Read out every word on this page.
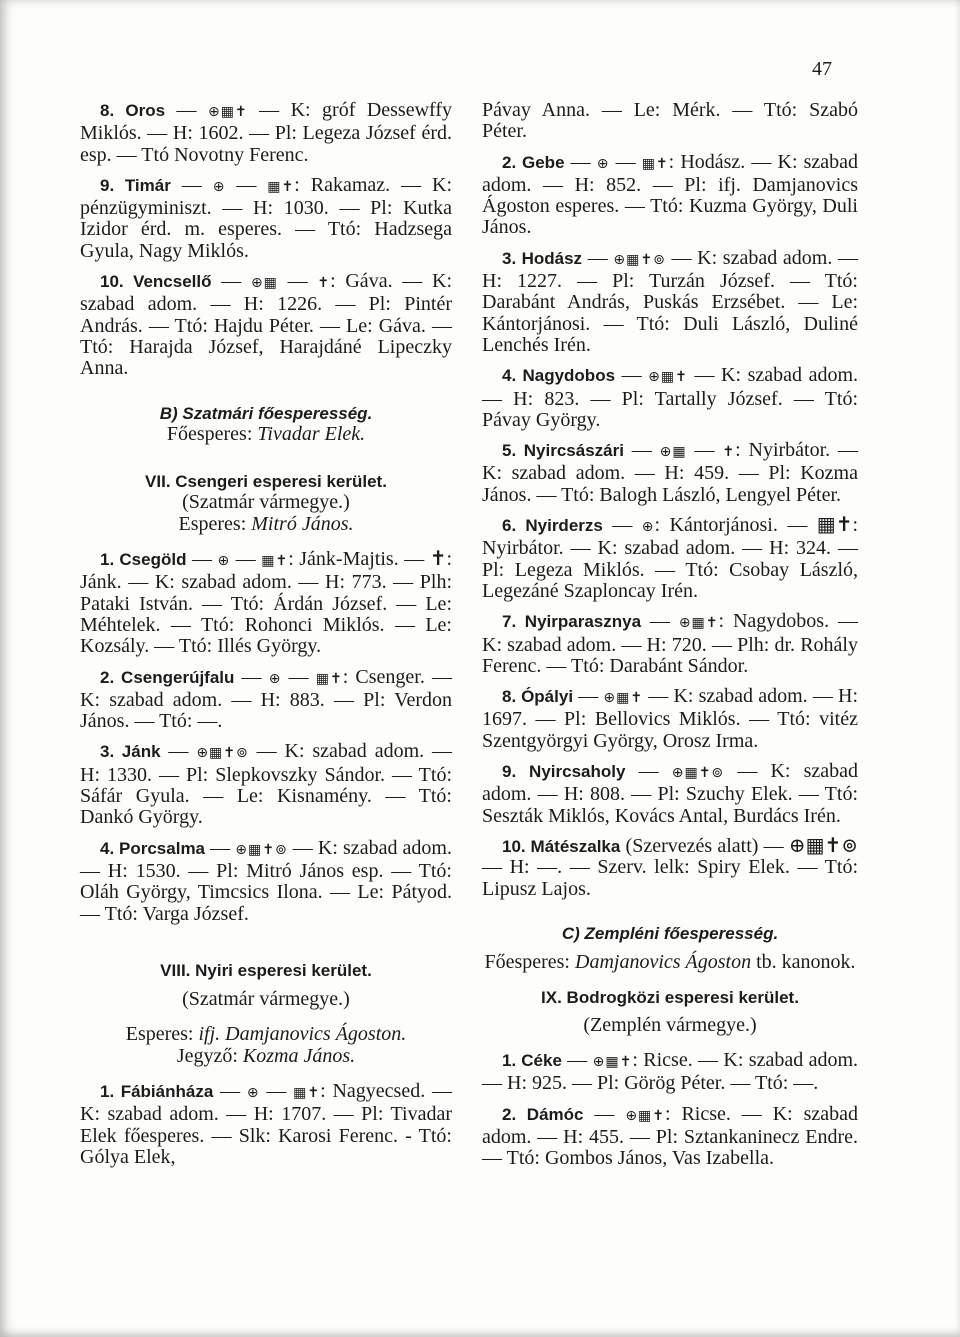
47

8. Oros — ⊕▦✝ — K: gróf Dessewffy Miklós. — H: 1602. — Pl: Legeza József érd. esp. — Ttó Novotny Ferenc.

9. Timár — ⊕ — ▦✝: Rakamaz. — K: pénzügyminiszt. — H: 1030. — Pl: Kutka Izidor érd. m. esperes. — Ttó: Hadzsega Gyula, Nagy Miklós.

10. Vencsellő — ⊕▦ — ✝: Gáva. — K: szabad adom. — H: 1226. — Pl: Pintér András. — Ttó: Hajdu Péter. — Le: Gáva. — Ttó: Harajda József, Harajdáné Lipeczky Anna.

B) Szatmári főesperesség.

Főesperes: Tivadar Elek.

VII. Csengeri esperesi kerület.

(Szatmár vármegye.)

Esperes: Mitró János.

1. Csegöld — ⊕ — ▦✝: Jánk-Majtis. — ✝: Jánk. — K: szabad adom. — H: 773. — Plh: Pataki István. — Ttó: Árdán József. — Le: Méhtelek. — Ttó: Rohonci Miklós. — Le: Kozsály. — Ttó: Illés György.

2. Csengerújfalu — ⊕ — ▦✝: Csenger. — K: szabad adom. — H: 883. — Pl: Verdon János. — Ttó: —.

3. Jánk — ⊕▦✝⊚ — K: szabad adom. — H: 1330. — Pl: Slepkovszky Sándor. — Ttó: Sáfár Gyula. — Le: Kisnamény. — Ttó: Dankó György.

4. Porcsalma — ⊕▦✝⊚ — K: szabad adom. — H: 1530. — Pl: Mitró János esp. — Ttó: Oláh György, Timcsics Ilona. — Le: Pátyod. — Ttó: Varga József.

VIII. Nyiri esperesi kerület.

(Szatmár vármegye.)

Esperes: ifj. Damjanovics Ágoston.

Jegyző: Kozma János.

1. Fábiánháza — ⊕ — ▦✝: Nagyecsed. — K: szabad adom. — H: 1707. — Pl: Tivadar Elek főesperes. — Slk: Karosi Ferenc. - Ttó: Gólya Elek,

Pávay Anna. — Le: Mérk. — Ttó: Szabó Péter.

2. Gebe — ⊕ — ▦✝: Hodász. — K: szabad adom. — H: 852. — Pl: ifj. Damjanovics Ágoston esperes. — Ttó: Kuzma György, Duli János.

3. Hodász — ⊕▦✝⊚ — K: szabad adom. — H: 1227. — Pl: Turzán József. — Ttó: Darabánt András, Puskás Erzsébet. — Le: Kántorjánosi. — Ttó: Duli László, Duliné Lenchés Irén.

4. Nagydobos — ⊕▦✝ — K: szabad adom. — H: 823. — Pl: Tartally József. — Ttó: Pávay György.

5. Nyircsászári — ⊕▦ — ✝: Nyirbátor. — K: szabad adom. — H: 459. — Pl: Kozma János. — Ttó: Balogh László, Lengyel Péter.

6. Nyirderzs — ⊕: Kántorjánosi. — ▦✝: Nyirbátor. — K: szabad adom. — H: 324. — Pl: Legeza Miklós. — Ttó: Csobay László, Legezáné Szaploncay Irén.

7. Nyirparasznya — ⊕▦✝: Nagydobos. — K: szabad adom. — H: 720. — Plh: dr. Rohály Ferenc. — Ttó: Darabánt Sándor.

8. Ópályi — ⊕▦✝ — K: szabad adom. — H: 1697. — Pl: Bellovics Miklós. — Ttó: vitéz Szentgyörgyi György, Orosz Irma.

9. Nyircsaholy — ⊕▦✝⊚ — K: szabad adom. — H: 808. — Pl: Szuchy Elek. — Ttó: Seszták Miklós, Kovács Antal, Burdács Irén.

10. Mátészalka (Szervezés alatt) — ⊕▦✝⊚ — H: —. — Szerv. lelk: Spiry Elek. — Ttó: Lipusz Lajos.

C) Zempléni főesperesség.

Főesperes: Damjanovics Ágoston tb. kanonok.

IX. Bodrogközi esperesi kerület.

(Zemplén vármegye.)

1. Céke — ⊕▦✝: Ricse. — K: szabad adom. — H: 925. — Pl: Görög Péter. — Ttó: —.

2. Dámóc — ⊕▦✝: Ricse. — K: szabad adom. — H: 455. — Pl: Sztankaninecz Endre. — Ttó: Gombos János, Vas Izabella.
